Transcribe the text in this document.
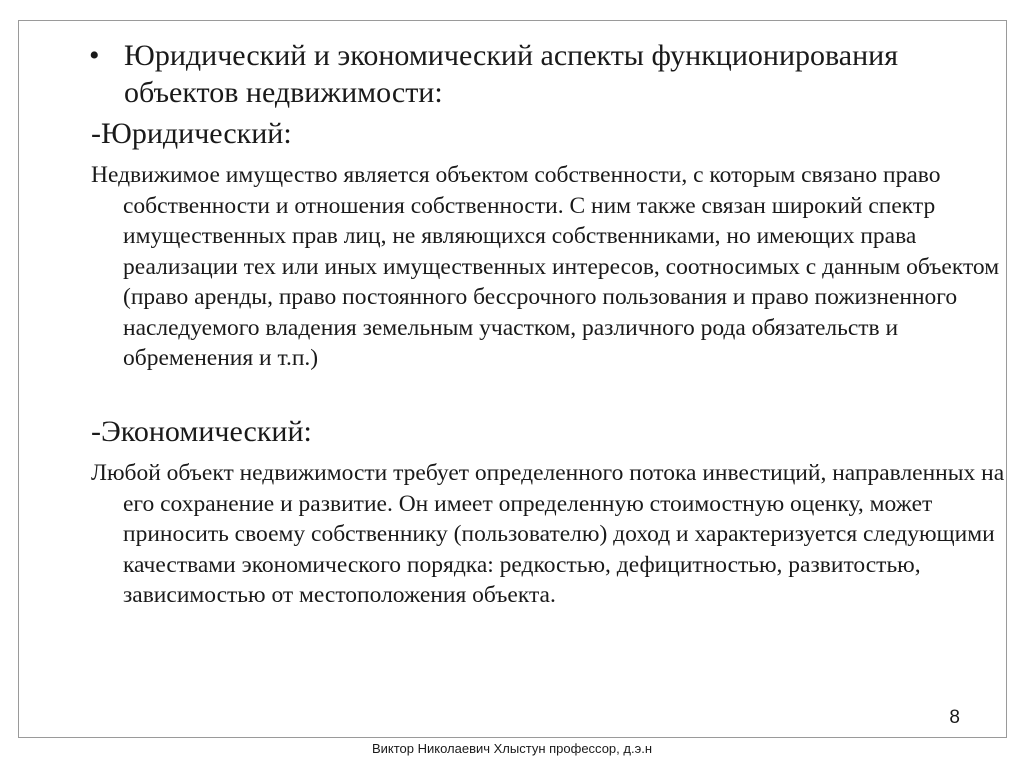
• Юридический и экономический аспекты функционирования объектов недвижимости:
-Юридический:
Недвижимое имущество является объектом собственности, с которым связано право собственности и отношения собственности. С ним также связан широкий спектр имущественных прав лиц, не являющихся собственниками, но имеющих права реализации тех или иных имущественных интересов, соотносимых с данным объектом (право аренды, право постоянного бессрочного пользования и право пожизненного наследуемого владения земельным участком, различного рода обязательств и обременения и т.п.)
-Экономический:
Любой объект недвижимости требует определенного потока инвестиций, направленных на его сохранение и развитие. Он имеет определенную стоимостную оценку, может приносить своему собственнику (пользователю) доход и характеризуется следующими качествами экономического порядка: редкостью, дефицитностью, развитостью, зависимостью от местоположения объекта.
8
Виктор Николаевич Хлыстун профессор, д.э.н
